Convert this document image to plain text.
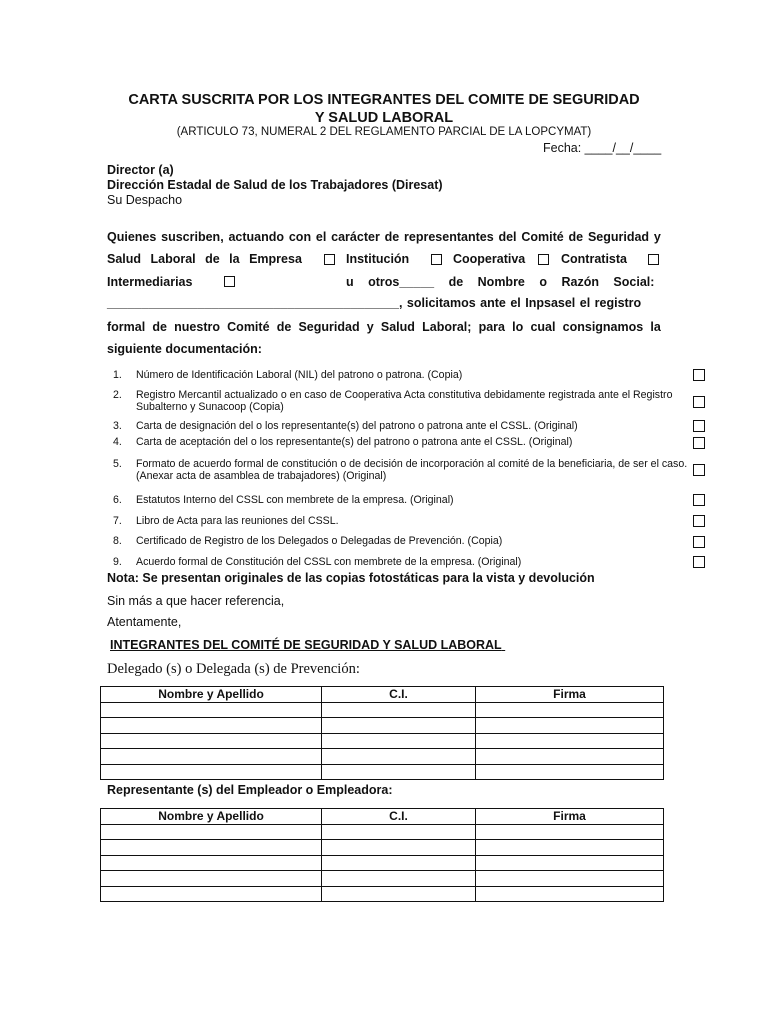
CARTA SUSCRITA POR LOS INTEGRANTES DEL COMITE DE SEGURIDAD
Y SALUD LABORAL
(ARTICULO 73, NUMERAL 2 DEL REGLAMENTO PARCIAL DE LA LOPCYMAT)
Fecha: ____/__/____
Director (a)
Dirección Estadal de Salud de los Trabajadores (Diresat)
Su Despacho
Quienes suscriben, actuando con el carácter de representantes del Comité de Seguridad y
Salud Laboral de la Empresa	Institución	Cooperativa	Contratista
Intermediarias	u otros_____ de Nombre o Razón Social:
__________________________________________, solicitamos ante el Inpsasel el registro
formal de nuestro Comité de Seguridad y Salud Laboral; para lo cual consignamos la
siguiente documentación:
1. Número de Identificación Laboral (NIL) del patrono o patrona. (Copia)
2. Registro Mercantil actualizado o en caso de Cooperativa Acta constitutiva debidamente registrada ante el Registro Subalterno y Sunacoop (Copia)
3. Carta de designación del o los representante(s) del patrono o patrona ante el CSSL. (Original)
4. Carta de aceptación del o los representante(s) del patrono o patrona ante el CSSL. (Original)
5. Formato de acuerdo formal de constitución o de decisión de incorporación al comité de la beneficiaria, de ser el caso. (Anexar acta de asamblea de trabajadores) (Original)
6. Estatutos Interno del CSSL con membrete de la empresa. (Original)
7. Libro de Acta para las reuniones del CSSL.
8. Certificado de Registro de los Delegados o Delegadas de Prevención. (Copia)
9. Acuerdo formal de Constitución del CSSL con membrete de la empresa. (Original)
Nota: Se presentan originales de las copias fotostáticas para la vista y devolución
Sin más a que hacer referencia,
Atentamente,
INTEGRANTES DEL COMITÉ DE SEGURIDAD Y SALUD LABORAL
Delegado (s) o Delegada (s) de Prevención:
Nombre y Apellido	C.I.	Firma

Representante (s) del Empleador o Empleadora:
Nombre y Apellido	C.I.	Firma
